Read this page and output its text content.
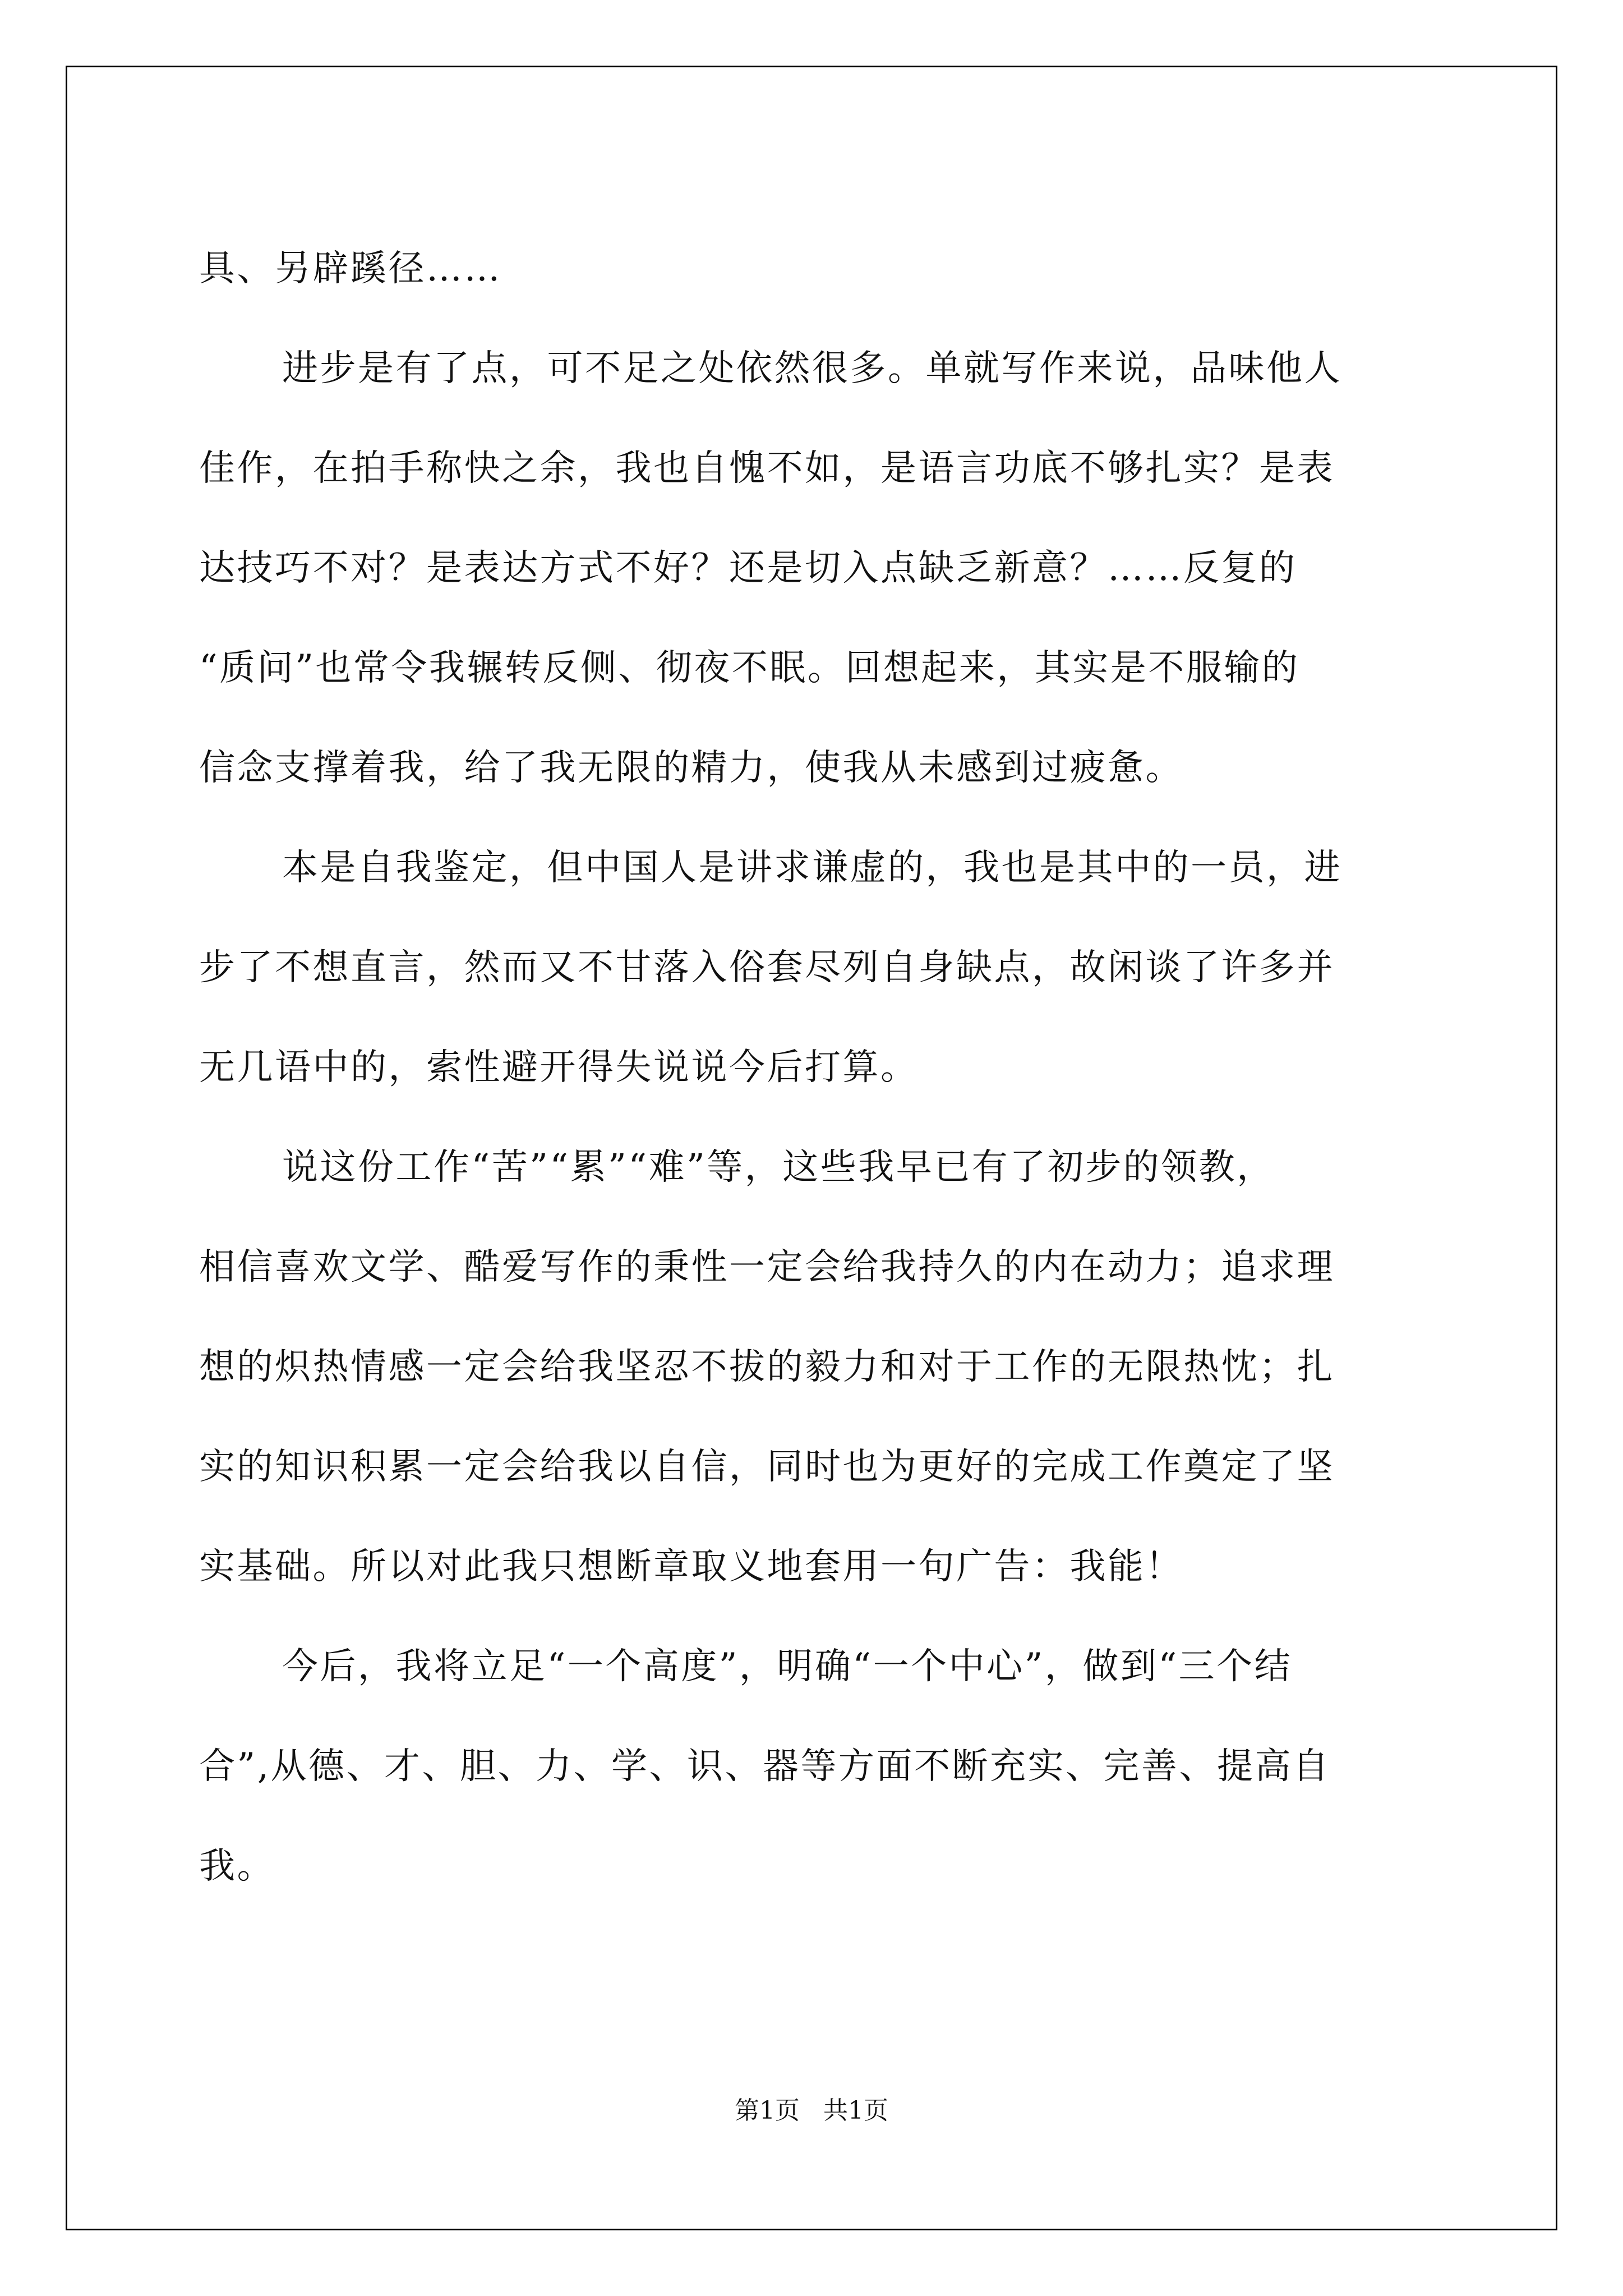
具、另辟蹊径……
进步是有了点，可不足之处依然很多。单就写作来说，品味他人
佳作，在拍手称快之余，我也自愧不如，是语言功底不够扎实？是表
达技巧不对？是表达方式不好？还是切入点缺乏新意？……反复的
“质问”也常令我辗转反侧、彻夜不眠。回想起来，其实是不服输的
信念支撑着我，给了我无限的精力，使我从未感到过疲惫。
本是自我鉴定，但中国人是讲求谦虚的，我也是其中的一员，进
步了不想直言，然而又不甘落入俗套尽列自身缺点，故闲谈了许多并
无几语中的，索性避开得失说说今后打算。
说这份工作“苦”“累”“难”等，这些我早已有了初步的领教，
相信喜欢文学、酷爱写作的秉性一定会给我持久的内在动力；追求理
想的炽热情感一定会给我坚忍不拔的毅力和对于工作的无限热忱；扎
实的知识积累一定会给我以自信，同时也为更好的完成工作奠定了坚
实基础。所以对此我只想断章取义地套用一句广告：我能！
今后，我将立足“一个高度”，明确“一个中心”，做到“三个结
合”,从德、才、胆、力、学、识、器等方面不断充实、完善、提高自
我。
第1页   共1页
